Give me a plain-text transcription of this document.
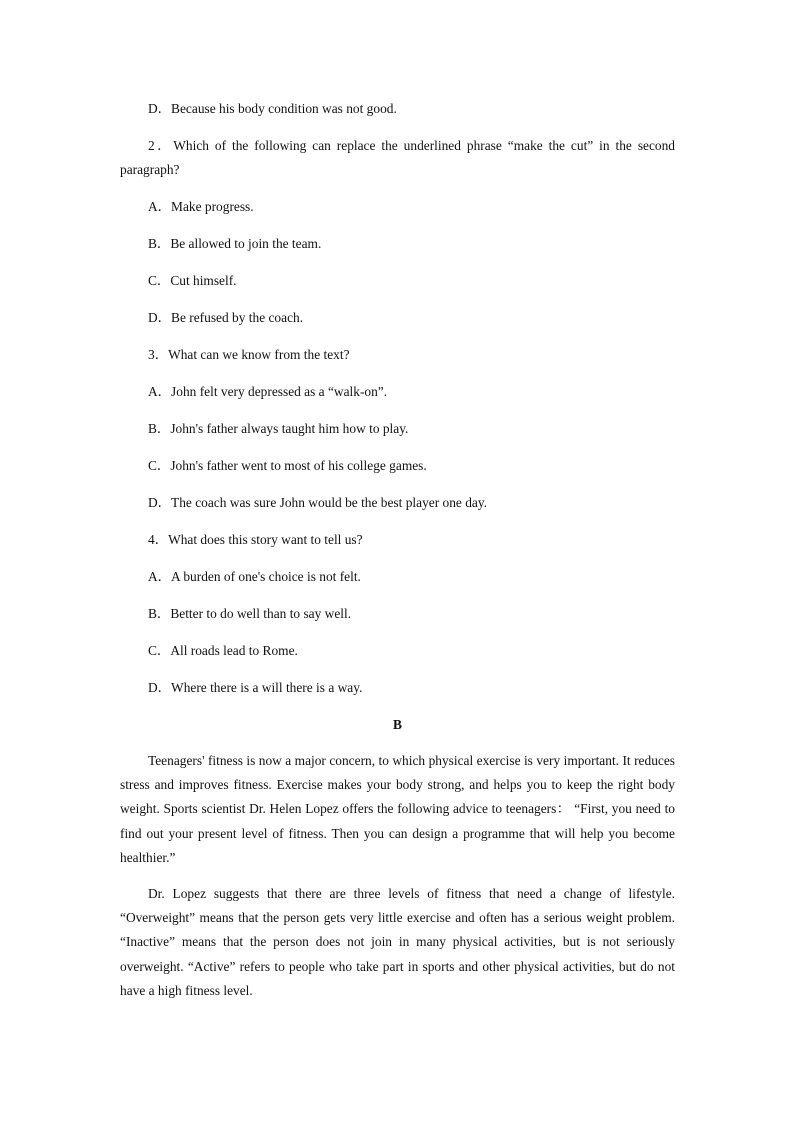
D．Because his body condition was not good.

2．Which of the following can replace the underlined phrase “make the cut” in the second paragraph?

A．Make progress.

B．Be allowed to join the team.

C．Cut himself.

D．Be refused by the coach.

3．What can we know from the text?

A．John felt very depressed as a “walk-on”.

B．John's father always taught him how to play.

C．John's father went to most of his college games.

D．The coach was sure John would be the best player one day.

4．What does this story want to tell us?

A．A burden of one's choice is not felt.

B．Better to do well than to say well.

C．All roads lead to Rome.

D．Where there is a will there is a way.

B

Teenagers' fitness is now a major concern, to which physical exercise is very important. It reduces stress and improves fitness. Exercise makes your body strong, and helps you to keep the right body weight. Sports scientist Dr. Helen Lopez offers the following advice to teenagers： “First, you need to find out your present level of fitness. Then you can design a programme that will help you become healthier.”

Dr. Lopez suggests that there are three levels of fitness that need a change of lifestyle. “Overweight” means that the person gets very little exercise and often has a serious weight problem. “Inactive” means that the person does not join in many physical activities, but is not seriously overweight. “Active” refers to people who take part in sports and other physical activities, but do not have a high fitness level.
